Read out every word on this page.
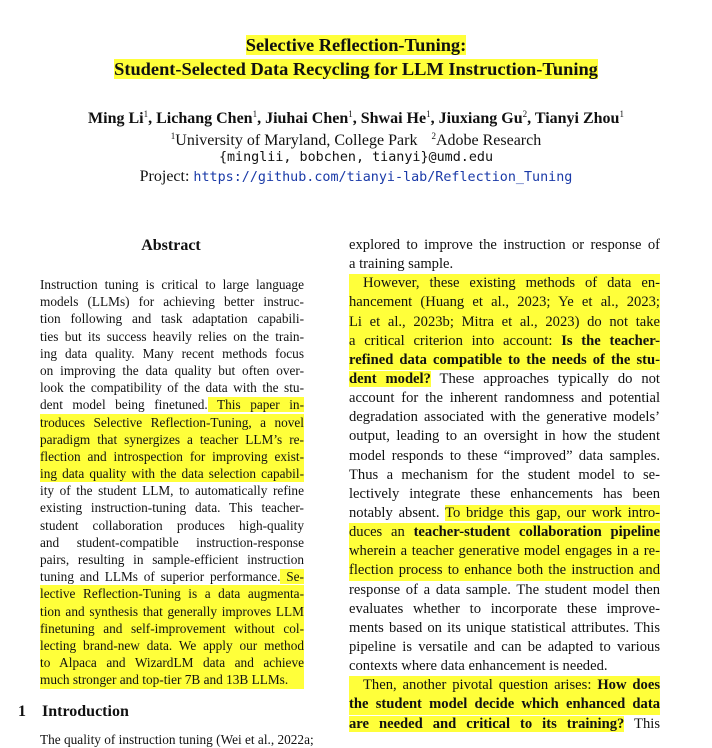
Selective Reflection-Tuning:
Student-Selected Data Recycling for LLM Instruction-Tuning
Ming Li$^1$, Lichang Chen$^1$, Jiuhai Chen$^1$, Shwai He$^1$, Jiuxiang Gu$^2$, Tianyi Zhou$^1$
$^1$University of Maryland, College Park $^2$Adobe Research
{minglii, bobchen, tianyi}@umd.edu
Project: https://github.com/tianyi-lab/Reflection_Tuning
Abstract
Instruction tuning is critical to large language
models (LLMs) for achieving better instruc-
tion following and task adaptation capabili-
ties but its success heavily relies on the train-
ing data quality. Many recent methods focus
on improving the data quality but often over-
look the compatibility of the data with the stu-
dent model being finetuned. This paper in-
troduces Selective Reflection-Tuning, a novel
paradigm that synergizes a teacher LLM’s re-
flection and introspection for improving exist-
ing data quality with the data selection capabil-
ity of the student LLM, to automatically refine
existing instruction-tuning data. This teacher-
student collaboration produces high-quality
and student-compatible instruction-response
pairs, resulting in sample-efficient instruction
tuning and LLMs of superior performance. Se-
lective Reflection-Tuning is a data augmenta-
tion and synthesis that generally improves LLM
finetuning and self-improvement without col-
lecting brand-new data. We apply our method
to Alpaca and WizardLM data and achieve
much stronger and top-tier 7B and 13B LLMs.
1 Introduction
The quality of instruction tuning (Wei et al., 2022a;
explored to improve the instruction or response of
a training sample.
However, these existing methods of data en-
hancement (Huang et al., 2023; Ye et al., 2023;
Li et al., 2023b; Mitra et al., 2023) do not take
a critical criterion into account: Is the teacher-
refined data compatible to the needs of the stu-
dent model? These approaches typically do not
account for the inherent randomness and potential
degradation associated with the generative models’
output, leading to an oversight in how the student
model responds to these “improved” data samples.
Thus a mechanism for the student model to se-
lectively integrate these enhancements has been
notably absent. To bridge this gap, our work intro-
duces an teacher-student collaboration pipeline
wherein a teacher generative model engages in a re-
flection process to enhance both the instruction and
response of a data sample. The student model then
evaluates whether to incorporate these improve-
ments based on its unique statistical attributes. This
pipeline is versatile and can be adapted to various
contexts where data enhancement is needed.
Then, another pivotal question arises: How does
the student model decide which enhanced data
are needed and critical to its training? This
